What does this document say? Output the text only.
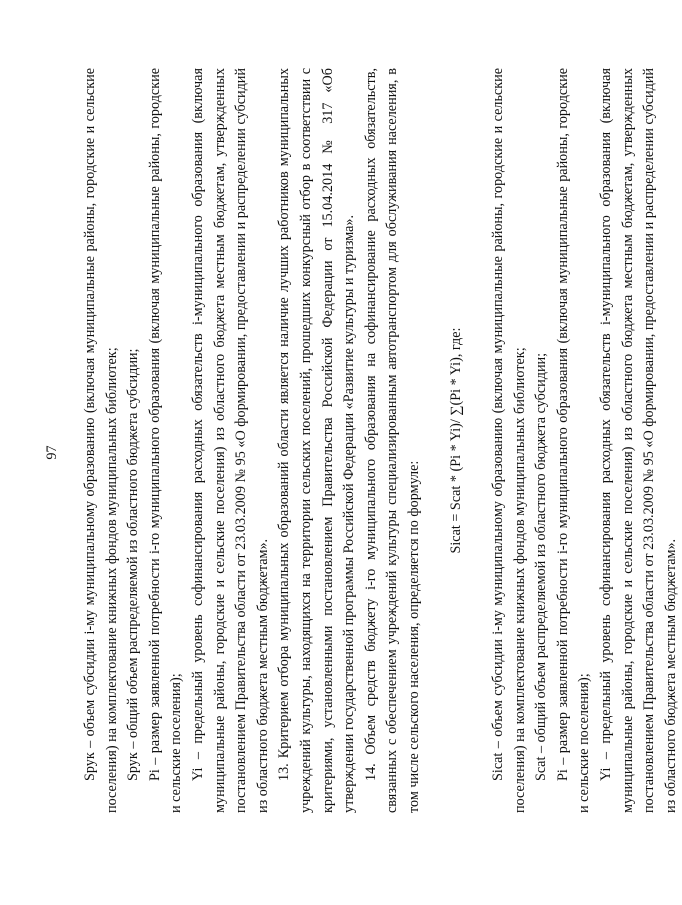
97 Sрук – объем субсидии i-му муниципальному образованию (включая муниципальные районы, городские и сельские поселения) на комплектование книжных фондов муниципальных библиотек; Sрук – общий объем распределяемой из областного бюджета субсидии; Pi – размер заявленной потребности i-го муниципального образования (включая муниципальные районы, городские и сельские поселения); Yi – предельный уровень софинансирования расходных обязательств i-муниципального образования (включая муниципальные районы, городские и сельские поселения) из областного бюджета местным бюджетам, утвержденных постановлением Правительства области от 23.03.2009 № 95 «О формировании, предоставлении и распределении субсидий из областного бюджета местным бюджетам». 13. Критерием отбора муниципальных образований области является наличие лучших работников муниципальных учреждений культуры, находящихся на территории сельских поселений, прошедших конкурсный отбор в соответствии с критериями, установленными постановлением Правительства Российской Федерации от 15.04.2014 № 317 «Об утверждении государственной программы Российской Федерации «Развитие культуры и туризма». 14. Объем средств бюджету i-го муниципального образования на софинансирование расходных обязательств, связанных с обеспечением учреждений культуры специализированным автотранспортом для обслуживания населения, в том числе сельского населения, определяется по формуле:

Sicat = Scat * (Pi * Yi)/ ∑(Pi * Yi), где: Sicat – объем субсидии i-му муниципальному образованию (включая муниципальные районы, городские и сельские поселения) на комплектование книжных фондов муниципальных библиотек; Scat – общий объем распределяемой из областного бюджета субсидии; Pi – размер заявленной потребности i-го муниципального образования (включая муниципальные районы, городские и сельские поселения); Yi – предельный уровень софинансирования расходных обязательств i-муниципального образования (включая муниципальные районы, городские и сельские поселения) из областного бюджета местным бюджетам, утвержденных постановлением Правительства области от 23.03.2009 № 95 «О формировании, предоставлении и распределении субсидий из областного бюджета местным бюджетам».
